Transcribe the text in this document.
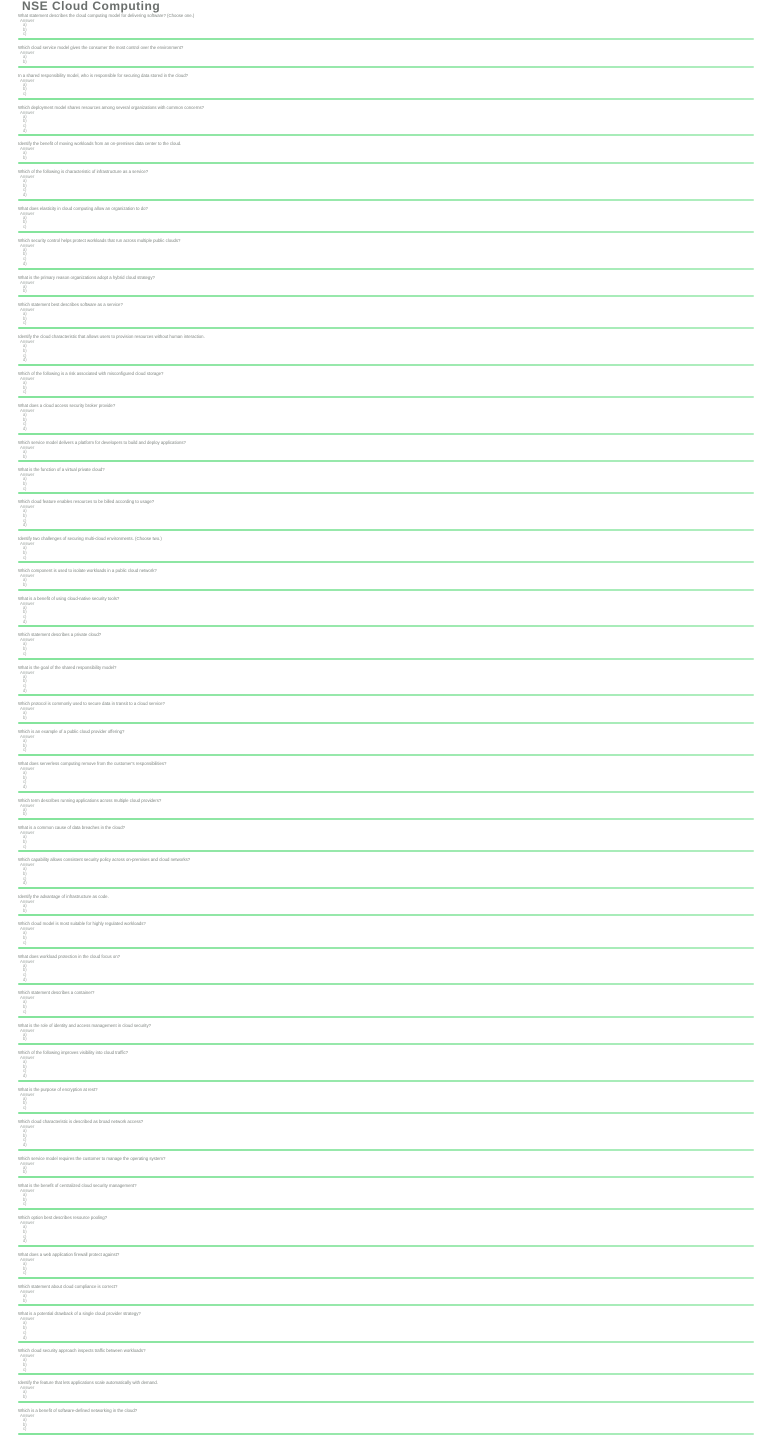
NSE Cloud Computing

What statement describes the cloud computing model for delivering software? (Choose one.)

Answer

a)
b)
c)

Which cloud service model gives the consumer the most control over the environment?

Answer

a)
b)

In a shared responsibility model, who is responsible for securing data stored in the cloud?

Answer

a)
b)
c)

Which deployment model shares resources among several organizations with common concerns?

Answer

a)
b)
c)
d)

Identify the benefit of moving workloads from an on-premises data center to the cloud.

Answer

a)
b)

Which of the following is characteristic of infrastructure as a service?

Answer

a)
b)
c)
d)

What does elasticity in cloud computing allow an organization to do?

Answer

a)
b)
c)

Which security control helps protect workloads that run across multiple public clouds?

Answer

a)
b)
c)
d)

What is the primary reason organizations adopt a hybrid cloud strategy?

Answer

a)
b)

Which statement best describes software as a service?

Answer

a)
b)
c)

Identify the cloud characteristic that allows users to provision resources without human interaction.

Answer

a)
b)
c)
d)

Which of the following is a risk associated with misconfigured cloud storage?

Answer

a)
b)
c)

What does a cloud access security broker provide?

Answer

a)
b)
c)
d)

Which service model delivers a platform for developers to build and deploy applications?

Answer

a)
b)

What is the function of a virtual private cloud?

Answer

a)
b)
c)

Which cloud feature enables resources to be billed according to usage?

Answer

a)
b)
c)
d)

Identify two challenges of securing multi-cloud environments. (Choose two.)

Answer

a)
b)
c)

Which component is used to isolate workloads in a public cloud network?

Answer

a)
b)

What is a benefit of using cloud-native security tools?

Answer

a)
b)
c)
d)

Which statement describes a private cloud?

Answer

a)
b)
c)

What is the goal of the shared responsibility model?

Answer

a)
b)
c)
d)

Which protocol is commonly used to secure data in transit to a cloud service?

Answer

a)
b)

Which is an example of a public cloud provider offering?

Answer

a)
b)
c)

What does serverless computing remove from the customer's responsibilities?

Answer

a)
b)
c)
d)

Which term describes running applications across multiple cloud providers?

Answer

a)
b)

What is a common cause of data breaches in the cloud?

Answer

a)
b)
c)

Which capability allows consistent security policy across on-premises and cloud networks?

Answer

a)
b)
c)
d)

Identify the advantage of infrastructure as code.

Answer

a)
b)

Which cloud model is most suitable for highly regulated workloads?

Answer

a)
b)
c)

What does workload protection in the cloud focus on?

Answer

a)
b)
c)
d)

Which statement describes a container?

Answer

a)
b)
c)

What is the role of identity and access management in cloud security?

Answer

a)
b)

Which of the following improves visibility into cloud traffic?

Answer

a)
b)
c)
d)

What is the purpose of encryption at rest?

Answer

a)
b)
c)

Which cloud characteristic is described as broad network access?

Answer

a)
b)
c)
d)

Which service model requires the customer to manage the operating system?

Answer

a)
b)

What is the benefit of centralized cloud security management?

Answer

a)
b)
c)

Which option best describes resource pooling?

Answer

a)
b)
c)
d)

What does a web application firewall protect against?

Answer

a)
b)
c)

Which statement about cloud compliance is correct?

Answer

a)
b)

What is a potential drawback of a single cloud provider strategy?

Answer

a)
b)
c)
d)

Which cloud security approach inspects traffic between workloads?

Answer

a)
b)
c)

Identify the feature that lets applications scale automatically with demand.

Answer

a)
b)

Which is a benefit of software-defined networking in the cloud?

Answer

a)
b)
c)
